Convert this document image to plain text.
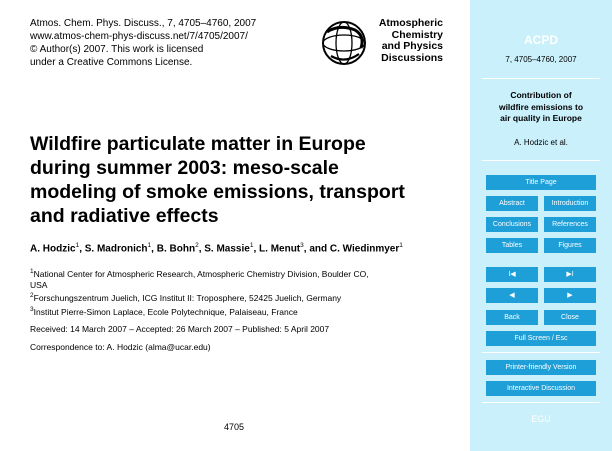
Atmos. Chem. Phys. Discuss., 7, 4705–4760, 2007
www.atmos-chem-phys-discuss.net/7/4705/2007/
© Author(s) 2007. This work is licensed
under a Creative Commons License.
Atmospheric
Chemistry
and Physics
Discussions
Wildfire particulate matter in Europe
during summer 2003: meso-scale
modeling of smoke emissions, transport
and radiative effects
A. Hodzic$^1$, S. Madronich$^1$, B. Bohn$^2$, S. Massie$^1$, L. Menut$^3$, and C. Wiedinmyer$^1$
$^1$National Center for Atmospheric Research, Atmospheric Chemistry Division, Boulder CO,
USA
$^2$Forschungszentrum Juelich, ICG Institut II: Troposphere, 52425 Juelich, Germany
$^3$Institut Pierre-Simon Laplace, Ecole Polytechnique, Palaiseau, France
Received: 14 March 2007 – Accepted: 26 March 2007 – Published: 5 April 2007
Correspondence to: A. Hodzic (alma@ucar.edu)
4705
ACPD
7, 4705–4760, 2007
Contribution of
wildfire emissions to
air quality in Europe
A. Hodzic et al.
Title Page
Abstract	Introduction
Conclusions	References
Tables	Figures
I◀	▶I
◀	▶
Back	Close
Full Screen / Esc
Printer-friendly Version
Interactive Discussion
EGU
